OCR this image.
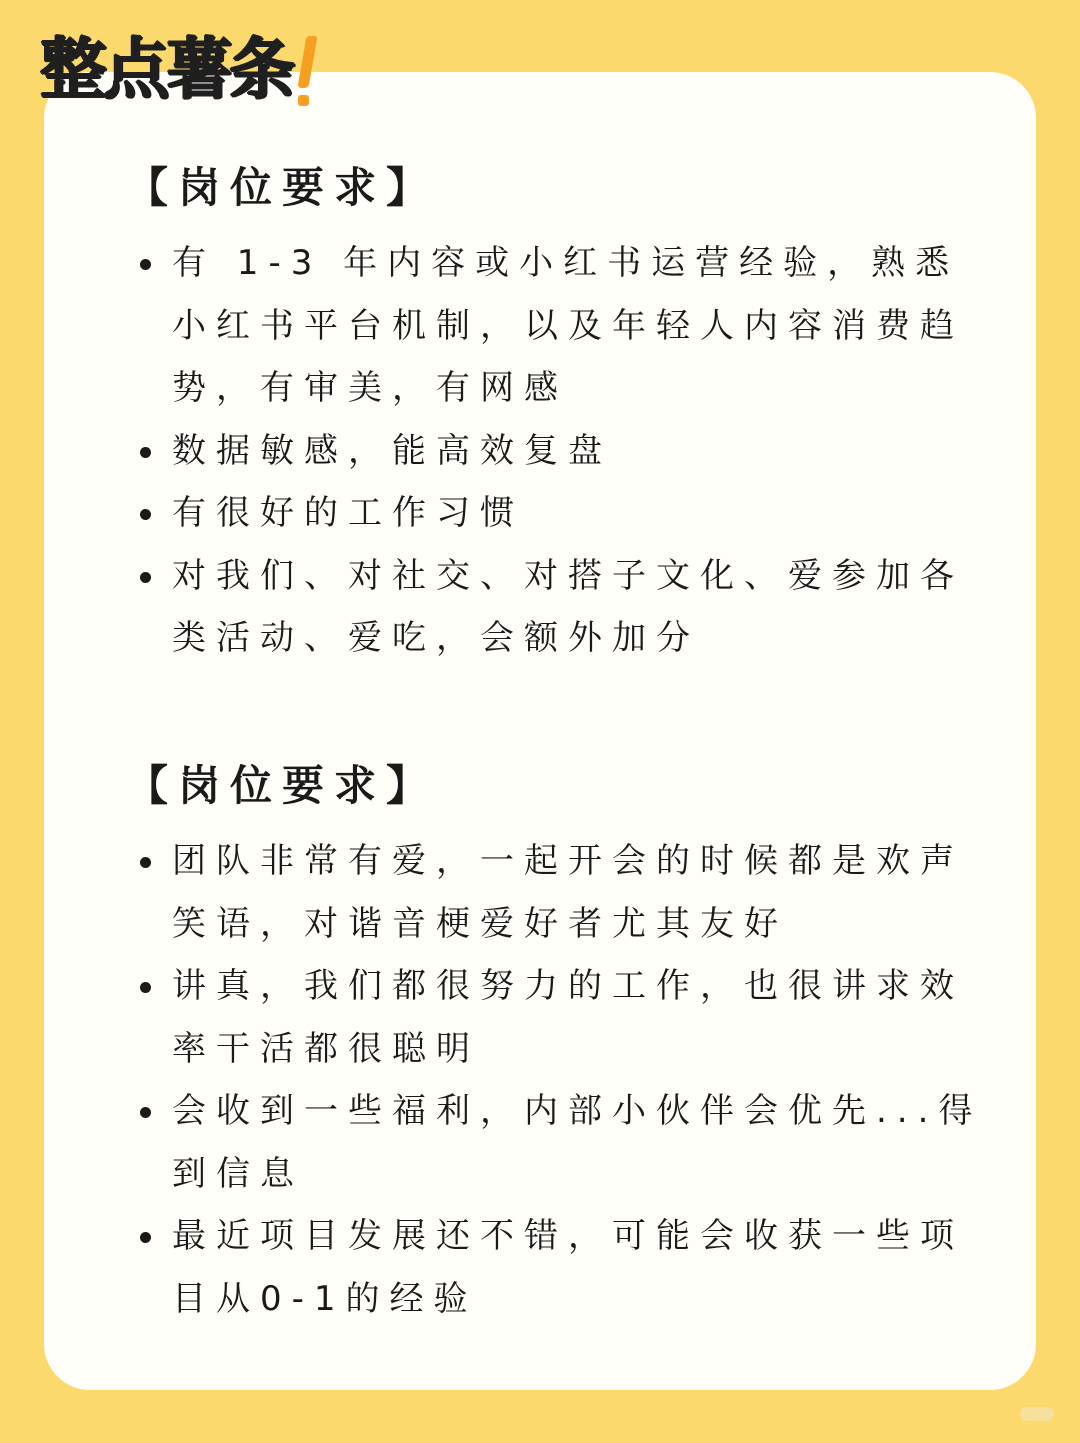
整点薯条
【岗位要求】
有 1-3 年内容或小红书运营经验，熟悉小红书平台机制，以及年轻人内容消费趋势，有审美，有网感
数据敏感，能高效复盘
有很好的工作习惯
对我们、对社交、对搭子文化、爱参加各类活动、爱吃，会额外加分
【岗位要求】
团队非常有爱，一起开会的时候都是欢声笑语，对谐音梗爱好者尤其友好
讲真，我们都很努力的工作，也很讲求效率干活都很聪明
会收到一些福利，内部小伙伴会优先...得到信息
最近项目发展还不错，可能会收获一些项目从0-1的经验
